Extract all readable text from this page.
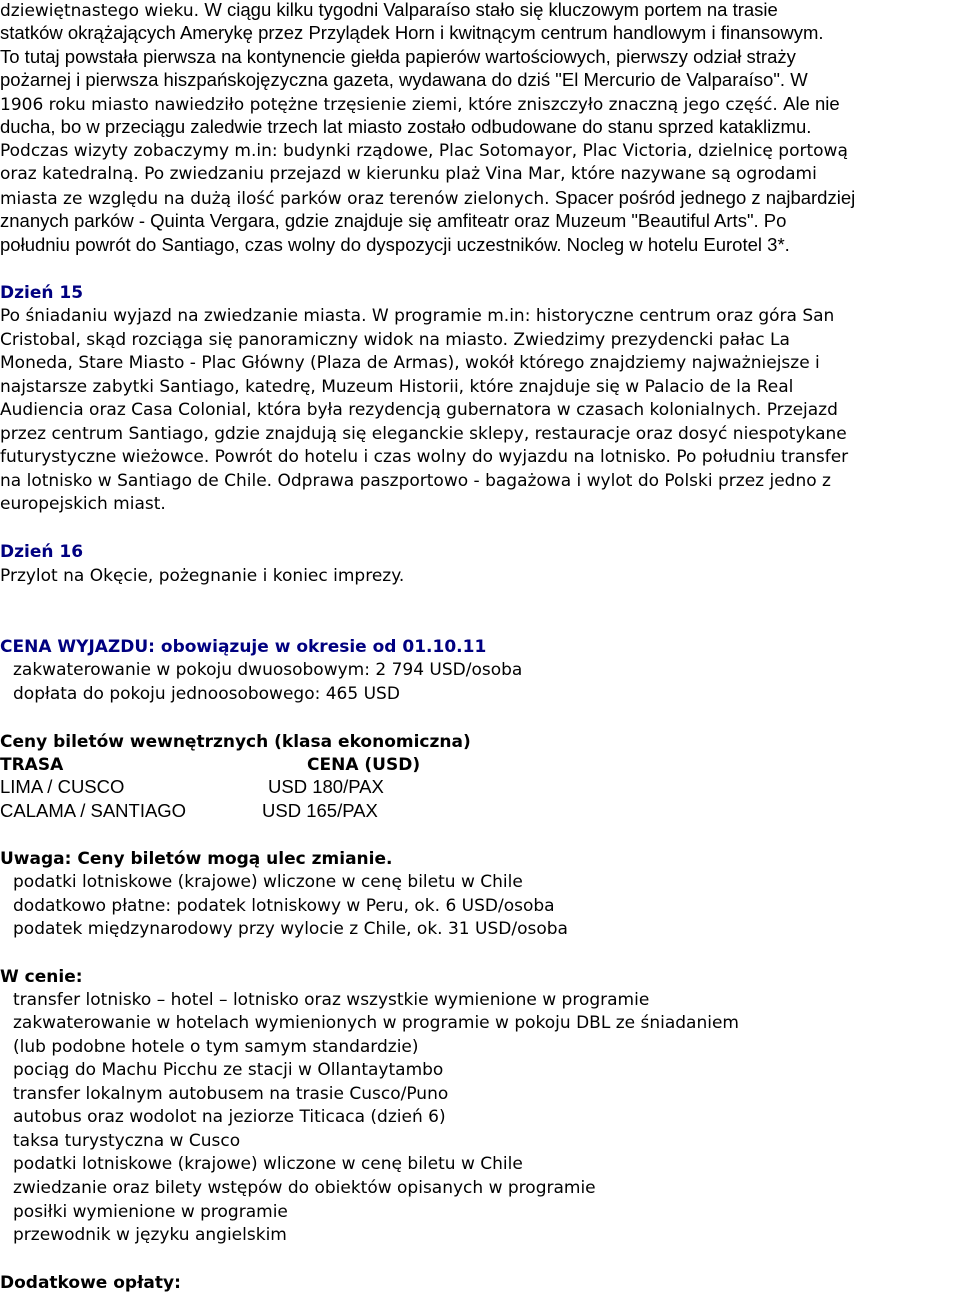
dziewiętnastego wieku. W ciągu kilku tygodni Valparaíso stało się kluczowym portem na trasie
statków okrążających Amerykę przez Przylądek Horn i kwitnącym centrum handlowym i finansowym.
To tutaj powstała pierwsza na kontynencie giełda papierów wartościowych, pierwszy odział straży
pożarnej i pierwsza hiszpańskojęzyczna gazeta, wydawana do dziś "El Mercurio de Valparaíso". W
1906 roku miasto nawiedziło potężne trzęsienie ziemi, które zniszczyło znaczną jego część. Ale nie
ducha, bo w przeciągu zaledwie trzech lat miasto zostało odbudowane do stanu sprzed kataklizmu.
Podczas wizyty zobaczymy m.in: budynki rządowe, Plac Sotomayor, Plac Victoria, dzielnicę portową
oraz katedralną. Po zwiedzaniu przejazd w kierunku plaż Vina Mar, które nazywane są ogrodami
miasta ze względu na dużą ilość parków oraz terenów zielonych. Spacer pośród jednego z najbardziej
znanych parków - Quinta Vergara, gdzie znajduje się amfiteatr oraz Muzeum "Beautiful Arts". Po
południu powrót do Santiago, czas wolny do dyspozycji uczestników. Nocleg w hotelu Eurotel 3*.
Dzień 15
Po śniadaniu wyjazd na zwiedzanie miasta. W programie m.in: historyczne centrum oraz góra San
Cristobal, skąd rozciąga się panoramiczny widok na miasto. Zwiedzimy prezydencki pałac La
Moneda, Stare Miasto - Plac Główny (Plaza de Armas), wokół którego znajdziemy najważniejsze i
najstarsze zabytki Santiago, katedrę, Muzeum Historii, które znajduje się w Palacio de la Real
Audiencia oraz Casa Colonial, która była rezydencją gubernatora w czasach kolonialnych. Przejazd
przez centrum Santiago, gdzie znajdują się eleganckie sklepy, restauracje oraz dosyć niespotykane
futurystyczne wieżowce. Powrót do hotelu i czas wolny do wyjazdu na lotnisko. Po południu transfer
na lotnisko w Santiago de Chile. Odprawa paszportowo - bagażowa i wylot do Polski przez jedno z
europejskich miast.
Dzień 16
Przylot na Okęcie, pożegnanie i koniec imprezy.
CENA WYJAZDU: obowiązuje w okresie od 01.10.11
zakwaterowanie w pokoju dwuosobowym: 2 794 USD/osoba
dopłata do pokoju jednoosobowego: 465 USD
Ceny biletów wewnętrznych (klasa ekonomiczna)
TRASA	CENA (USD)
LIMA / CUSCO	USD 180/PAX
CALAMA / SANTIAGO	USD 165/PAX
Uwaga: Ceny biletów mogą ulec zmianie.
podatki lotniskowe (krajowe) wliczone w cenę biletu w Chile
dodatkowo płatne: podatek lotniskowy w Peru, ok. 6 USD/osoba
podatek międzynarodowy przy wylocie z Chile, ok. 31 USD/osoba
W cenie:
transfer lotnisko – hotel – lotnisko oraz wszystkie wymienione w programie
zakwaterowanie w hotelach wymienionych w programie w pokoju DBL ze śniadaniem
(lub podobne hotele o tym samym standardzie)
pociąg do Machu Picchu ze stacji w Ollantaytambo
transfer lokalnym autobusem na trasie Cusco/Puno
autobus oraz wodolot na jeziorze Titicaca (dzień 6)
taksa turystyczna w Cusco
podatki lotniskowe (krajowe) wliczone w cenę biletu w Chile
zwiedzanie oraz bilety wstępów do obiektów opisanych w programie
posiłki wymienione w programie
przewodnik w języku angielskim
Dodatkowe opłaty:
